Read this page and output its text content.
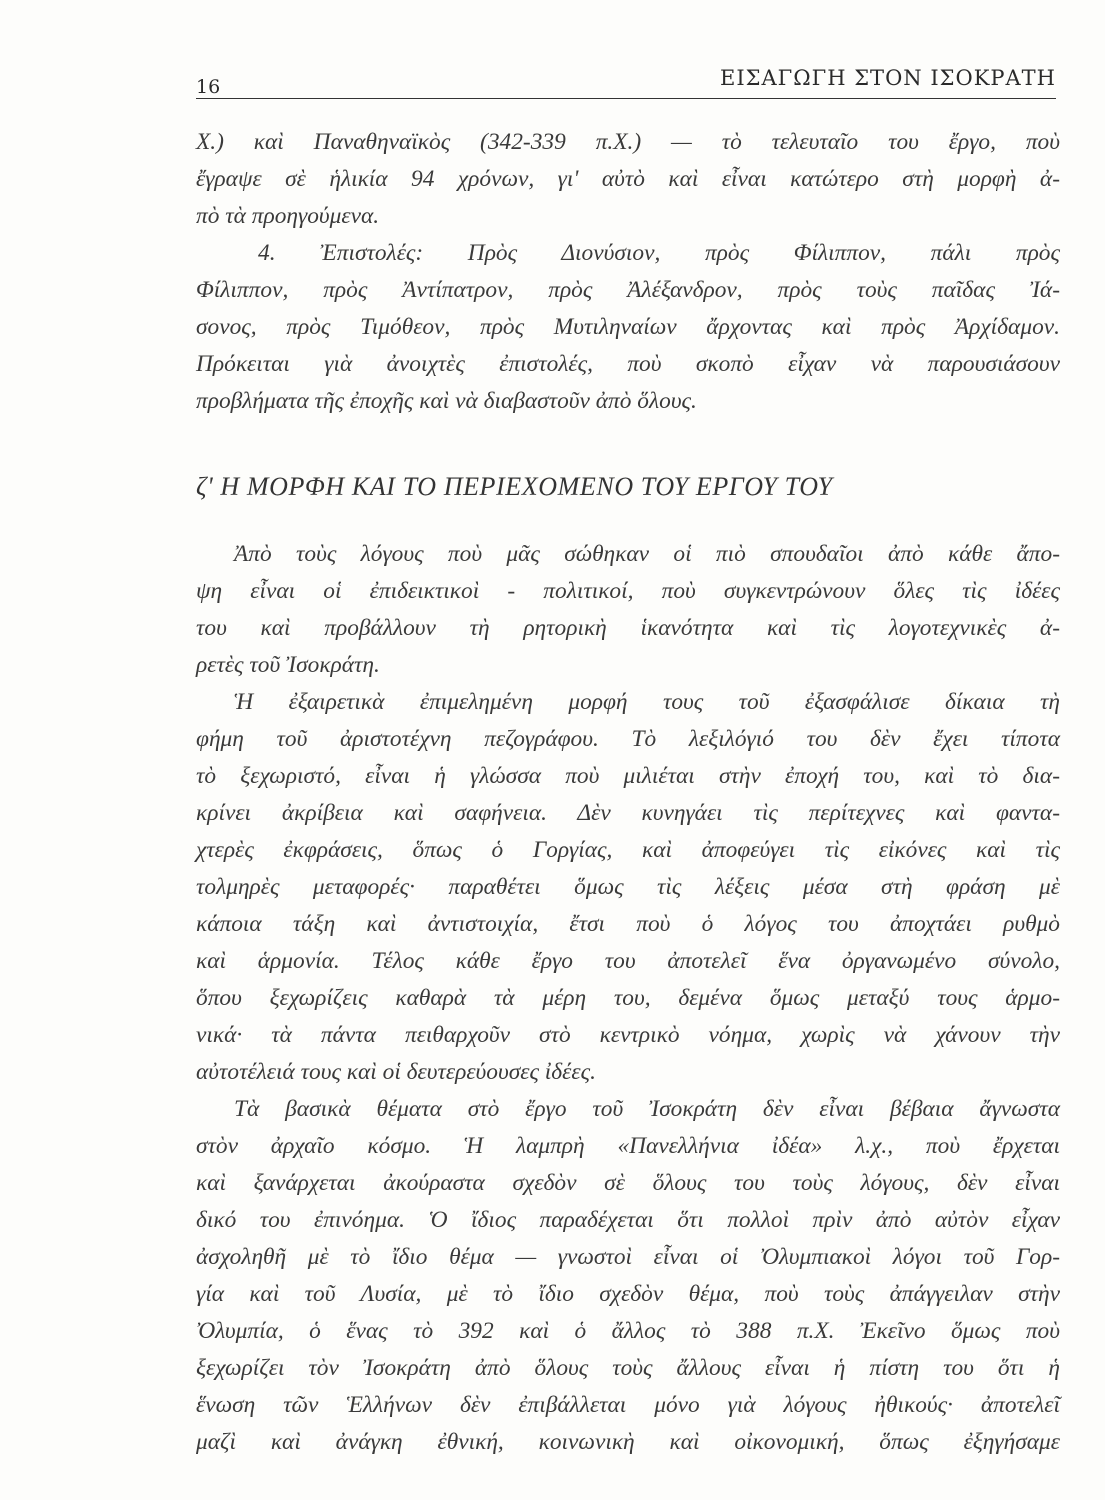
16	ΕΙΣΑΓΩΓΗ ΣΤΟΝ ΙΣΟΚΡΑΤΗ
Χ.) καὶ Παναθηναϊκὸς (342-339 π.Χ.) — τὸ τελευταῖο του ἔργο, ποὺ
ἔγραψε σὲ ἡλικία 94 χρόνων, γι' αὐτὸ καὶ εἶναι κατώτερο στὴ μορφὴ ἀ-
πὸ τὰ προηγούμενα.
4. Ἐπιστολές: Πρὸς Διονύσιον, πρὸς Φίλιππον, πάλι πρὸς
Φίλιππον, πρὸς Ἀντίπατρον, πρὸς Ἀλέξανδρον, πρὸς τοὺς παῖδας Ἰά-
σονος, πρὸς Τιμόθεον, πρὸς Μυτιληναίων ἄρχοντας καὶ πρὸς Ἀρχίδαμον.
Πρόκειται γιὰ ἀνοιχτὲς ἐπιστολές, ποὺ σκοπὸ εἶχαν νὰ παρουσιάσουν
προβλήματα τῆς ἐποχῆς καὶ νὰ διαβαστοῦν ἀπὸ ὅλους.
ζ' Η ΜΟΡΦΗ ΚΑΙ ΤΟ ΠΕΡΙΕΧΟΜΕΝΟ ΤΟΥ ΕΡΓΟΥ ΤΟΥ
Ἀπὸ τοὺς λόγους ποὺ μᾶς σώθηκαν οἱ πιὸ σπουδαῖοι ἀπὸ κάθε ἄπο-
ψη εἶναι οἱ ἐπιδεικτικοὶ - πολιτικοί, ποὺ συγκεντρώνουν ὅλες τὶς ἰδέες
του καὶ προβάλλουν τὴ ρητορικὴ ἱκανότητα καὶ τὶς λογοτεχνικὲς ἀ-
ρετὲς τοῦ Ἰσοκράτη.
Ἡ ἐξαιρετικὰ ἐπιμελημένη μορφή τους τοῦ ἐξασφάλισε δίκαια τὴ
φήμη τοῦ ἀριστοτέχνη πεζογράφου. Τὸ λεξιλόγιό του δὲν ἔχει τίποτα
τὸ ξεχωριστό, εἶναι ἡ γλώσσα ποὺ μιλιέται στὴν ἐποχή του, καὶ τὸ δια-
κρίνει ἀκρίβεια καὶ σαφήνεια. Δὲν κυνηγάει τὶς περίτεχνες καὶ φαντα-
χτερὲς ἐκφράσεις, ὅπως ὁ Γοργίας, καὶ ἀποφεύγει τὶς εἰκόνες καὶ τὶς
τολμηρὲς μεταφορές· παραθέτει ὅμως τὶς λέξεις μέσα στὴ φράση μὲ
κάποια τάξη καὶ ἀντιστοιχία, ἔτσι ποὺ ὁ λόγος του ἀποχτάει ρυθμὸ
καὶ ἁρμονία. Τέλος κάθε ἔργο του ἀποτελεῖ ἕνα ὀργανωμένο σύνολο,
ὅπου ξεχωρίζεις καθαρὰ τὰ μέρη του, δεμένα ὅμως μεταξύ τους ἁρμο-
νικά· τὰ πάντα πειθαρχοῦν στὸ κεντρικὸ νόημα, χωρὶς νὰ χάνουν τὴν
αὐτοτέλειά τους καὶ οἱ δευτερεύουσες ἰδέες.
Τὰ βασικὰ θέματα στὸ ἔργο τοῦ Ἰσοκράτη δὲν εἶναι βέβαια ἄγνωστα
στὸν ἀρχαῖο κόσμο. Ἡ λαμπρὴ «Πανελλήνια ἰδέα» λ.χ., ποὺ ἔρχεται
καὶ ξανάρχεται ἀκούραστα σχεδὸν σὲ ὅλους του τοὺς λόγους, δὲν εἶναι
δικό του ἐπινόημα. Ὁ ἴδιος παραδέχεται ὅτι πολλοὶ πρὶν ἀπὸ αὐτὸν εἶχαν
ἀσχοληθῆ μὲ τὸ ἴδιο θέμα — γνωστοὶ εἶναι οἱ Ὀλυμπιακοὶ λόγοι τοῦ Γορ-
γία καὶ τοῦ Λυσία, μὲ τὸ ἴδιο σχεδὸν θέμα, ποὺ τοὺς ἀπάγγειλαν στὴν
Ὀλυμπία, ὁ ἕνας τὸ 392 καὶ ὁ ἄλλος τὸ 388 π.Χ. Ἐκεῖνο ὅμως ποὺ
ξεχωρίζει τὸν Ἰσοκράτη ἀπὸ ὅλους τοὺς ἄλλους εἶναι ἡ πίστη του ὅτι ἡ
ἕνωση τῶν Ἑλλήνων δὲν ἐπιβάλλεται μόνο γιὰ λόγους ἠθικούς· ἀποτελεῖ
μαζὶ καὶ ἀνάγκη ἐθνική, κοινωνικὴ καὶ οἰκονομική, ὅπως ἐξηγήσαμε
